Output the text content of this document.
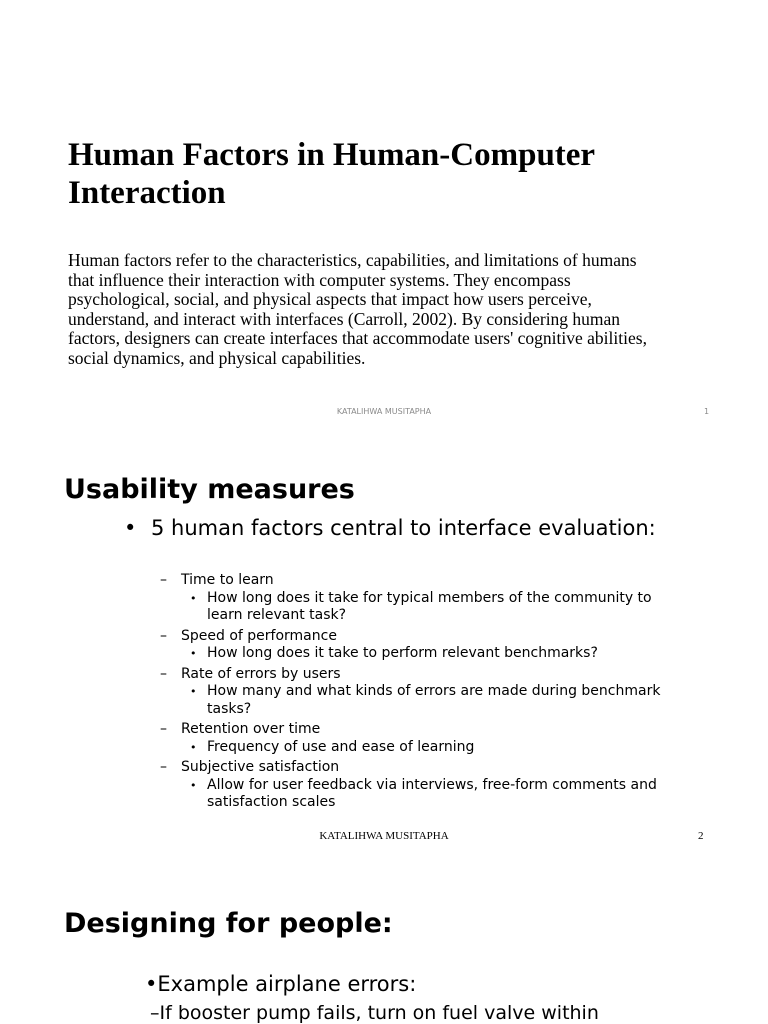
Human Factors in Human-Computer Interaction

Human factors refer to the characteristics, capabilities, and limitations of humans that influence their interaction with computer systems. They encompass psychological, social, and physical aspects that impact how users perceive, understand, and interact with interfaces (Carroll, 2002). By considering human factors, designers can create interfaces that accommodate users' cognitive abilities, social dynamics, and physical capabilities.

KATALIHWA MUSITAPHA	1
Usability measures
• 5 human factors central to interface evaluation:
– Time to learn
• How long does it take for typical members of the community to learn relevant task?
– Speed of performance
• How long does it take to perform relevant benchmarks?
– Rate of errors by users
• How many and what kinds of errors are made during benchmark tasks?
– Retention over time
• Frequency of use and ease of learning
– Subjective satisfaction
• Allow for user feedback via interviews, free-form comments and satisfaction scales
KATALIHWA MUSITAPHA	2
Designing for people:
•Example airplane errors:
–If booster pump fails, turn on fuel valve within
